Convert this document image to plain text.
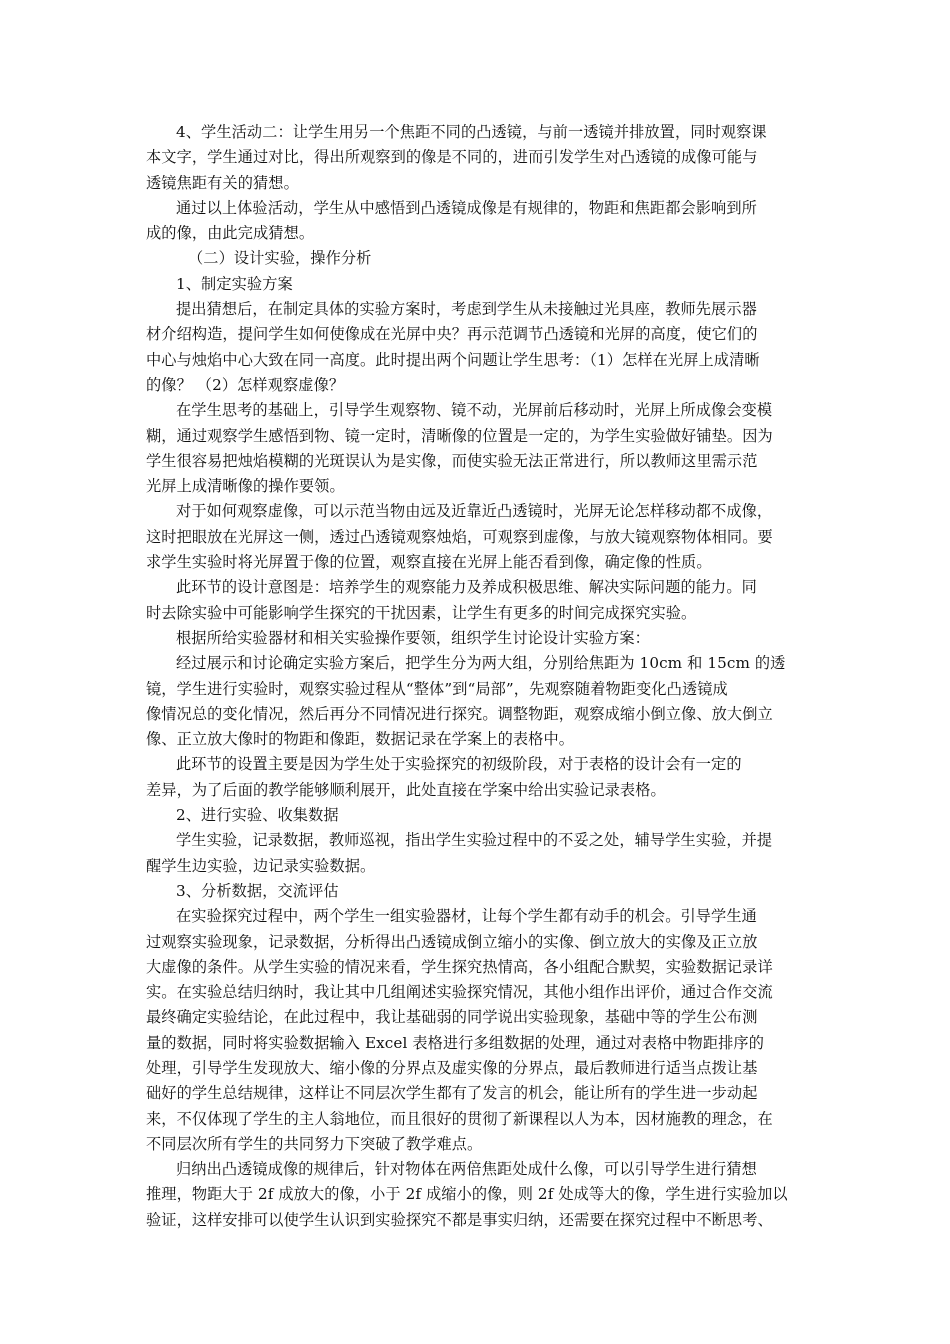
4、学生活动二：让学生用另一个焦距不同的凸透镜，与前一透镜并排放置，同时观察课
本文字，学生通过对比，得出所观察到的像是不同的，进而引发学生对凸透镜的成像可能与
透镜焦距有关的猜想。
通过以上体验活动，学生从中感悟到凸透镜成像是有规律的，物距和焦距都会影响到所
成的像，由此完成猜想。
（二）设计实验，操作分析
1、制定实验方案
提出猜想后，在制定具体的实验方案时，考虑到学生从未接触过光具座，教师先展示器
材介绍构造，提问学生如何使像成在光屏中央？再示范调节凸透镜和光屏的高度，使它们的
中心与烛焰中心大致在同一高度。此时提出两个问题让学生思考：（1）怎样在光屏上成清晰
的像？ （2）怎样观察虚像？
在学生思考的基础上，引导学生观察物、镜不动，光屏前后移动时，光屏上所成像会变模
糊，通过观察学生感悟到物、镜一定时，清晰像的位置是一定的，为学生实验做好铺垫。因为
学生很容易把烛焰模糊的光斑误认为是实像，而使实验无法正常进行，所以教师这里需示范
光屏上成清晰像的操作要领。
对于如何观察虚像，可以示范当物由远及近靠近凸透镜时，光屏无论怎样移动都不成像，
这时把眼放在光屏这一侧，透过凸透镜观察烛焰，可观察到虚像，与放大镜观察物体相同。要
求学生实验时将光屏置于像的位置，观察直接在光屏上能否看到像，确定像的性质。
此环节的设计意图是：培养学生的观察能力及养成积极思维、解决实际问题的能力。同
时去除实验中可能影响学生探究的干扰因素，让学生有更多的时间完成探究实验。
根据所给实验器材和相关实验操作要领，组织学生讨论设计实验方案：
经过展示和讨论确定实验方案后，把学生分为两大组，分别给焦距为 10cm 和 15cm 的透
镜，学生进行实验时，观察实验过程从“整体”到“局部”，先观察随着物距变化凸透镜成
像情况总的变化情况，然后再分不同情况进行探究。调整物距，观察成缩小倒立像、放大倒立
像、正立放大像时的物距和像距，数据记录在学案上的表格中。
此环节的设置主要是因为学生处于实验探究的初级阶段，对于表格的设计会有一定的
差异，为了后面的教学能够顺利展开，此处直接在学案中给出实验记录表格。
2、进行实验、收集数据
学生实验，记录数据，教师巡视，指出学生实验过程中的不妥之处，辅导学生实验，并提
醒学生边实验，边记录实验数据。
3、分析数据，交流评估
在实验探究过程中，两个学生一组实验器材，让每个学生都有动手的机会。引导学生通
过观察实验现象，记录数据，分析得出凸透镜成倒立缩小的实像、倒立放大的实像及正立放
大虚像的条件。从学生实验的情况来看，学生探究热情高，各小组配合默契，实验数据记录详
实。在实验总结归纳时，我让其中几组阐述实验探究情况，其他小组作出评价，通过合作交流
最终确定实验结论，在此过程中，我让基础弱的同学说出实验现象，基础中等的学生公布测
量的数据，同时将实验数据输入 Excel 表格进行多组数据的处理，通过对表格中物距排序的
处理，引导学生发现放大、缩小像的分界点及虚实像的分界点，最后教师进行适当点拨让基
础好的学生总结规律，这样让不同层次学生都有了发言的机会，能让所有的学生进一步动起
来，不仅体现了学生的主人翁地位，而且很好的贯彻了新课程以人为本，因材施教的理念，在
不同层次所有学生的共同努力下突破了教学难点。
归纳出凸透镜成像的规律后，针对物体在两倍焦距处成什么像，可以引导学生进行猜想
推理，物距大于 2f 成放大的像，小于 2f 成缩小的像，则 2f 处成等大的像，学生进行实验加以
验证，这样安排可以使学生认识到实验探究不都是事实归纳，还需要在探究过程中不断思考、
